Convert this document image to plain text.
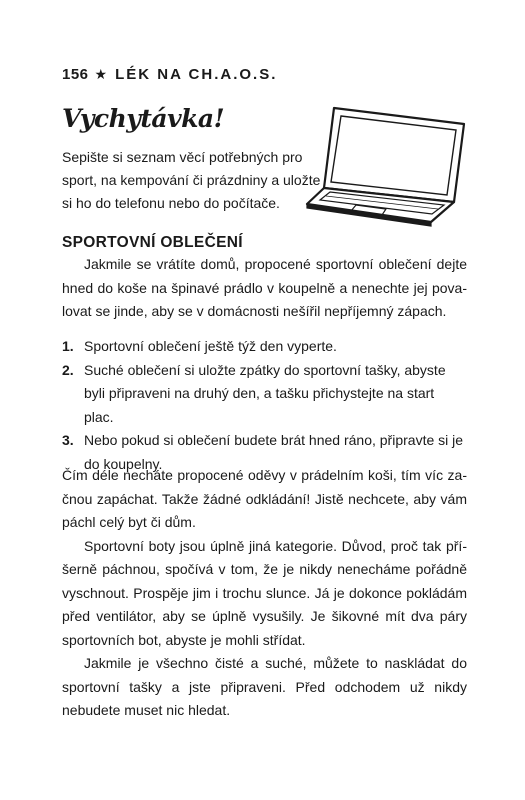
156 ★ LÉK NA CH.A.O.S.
Vychytávka!
Sepište si seznam věcí potřebných pro sport, na kempování či prázdniny a uložte si ho do telefonu nebo do počítače.
SPORTOVNÍ OBLEČENÍ

Jakmile se vrátíte domů, propocené sportovní oblečení dejte hned do koše na špinavé prádlo v koupelně a nenechte jej povalovat se jinde, aby se v domácnosti nešířil nepříjemný zápach.

1. Sportovní oblečení ještě týž den vyperte.
2. Suché oblečení si uložte zpátky do sportovní tašky, abyste byli připraveni na druhý den, a tašku přichystejte na start plac.
3. Nebo pokud si oblečení budete brát hned ráno, připravte si je do koupelny.

Čím déle necháte propocené oděvy v prádelním koši, tím víc začnou zapáchat. Takže žádné odkládání! Jistě nechcete, aby vám páchl celý byt či dům.

Sportovní boty jsou úplně jiná kategorie. Důvod, proč tak příšerně páchnou, spočívá v tom, že je nikdy nenecháme pořádně vyschnout. Prospěje jim i trochu slunce. Já je dokonce pokládám před ventilátor, aby se úplně vysušily. Je šikovné mít dva páry sportovních bot, abyste je mohli střídat.

Jakmile je všechno čisté a suché, můžete to naskládat do sportovní tašky a jste připraveni. Před odchodem už nikdy nebudete muset nic hledat.
